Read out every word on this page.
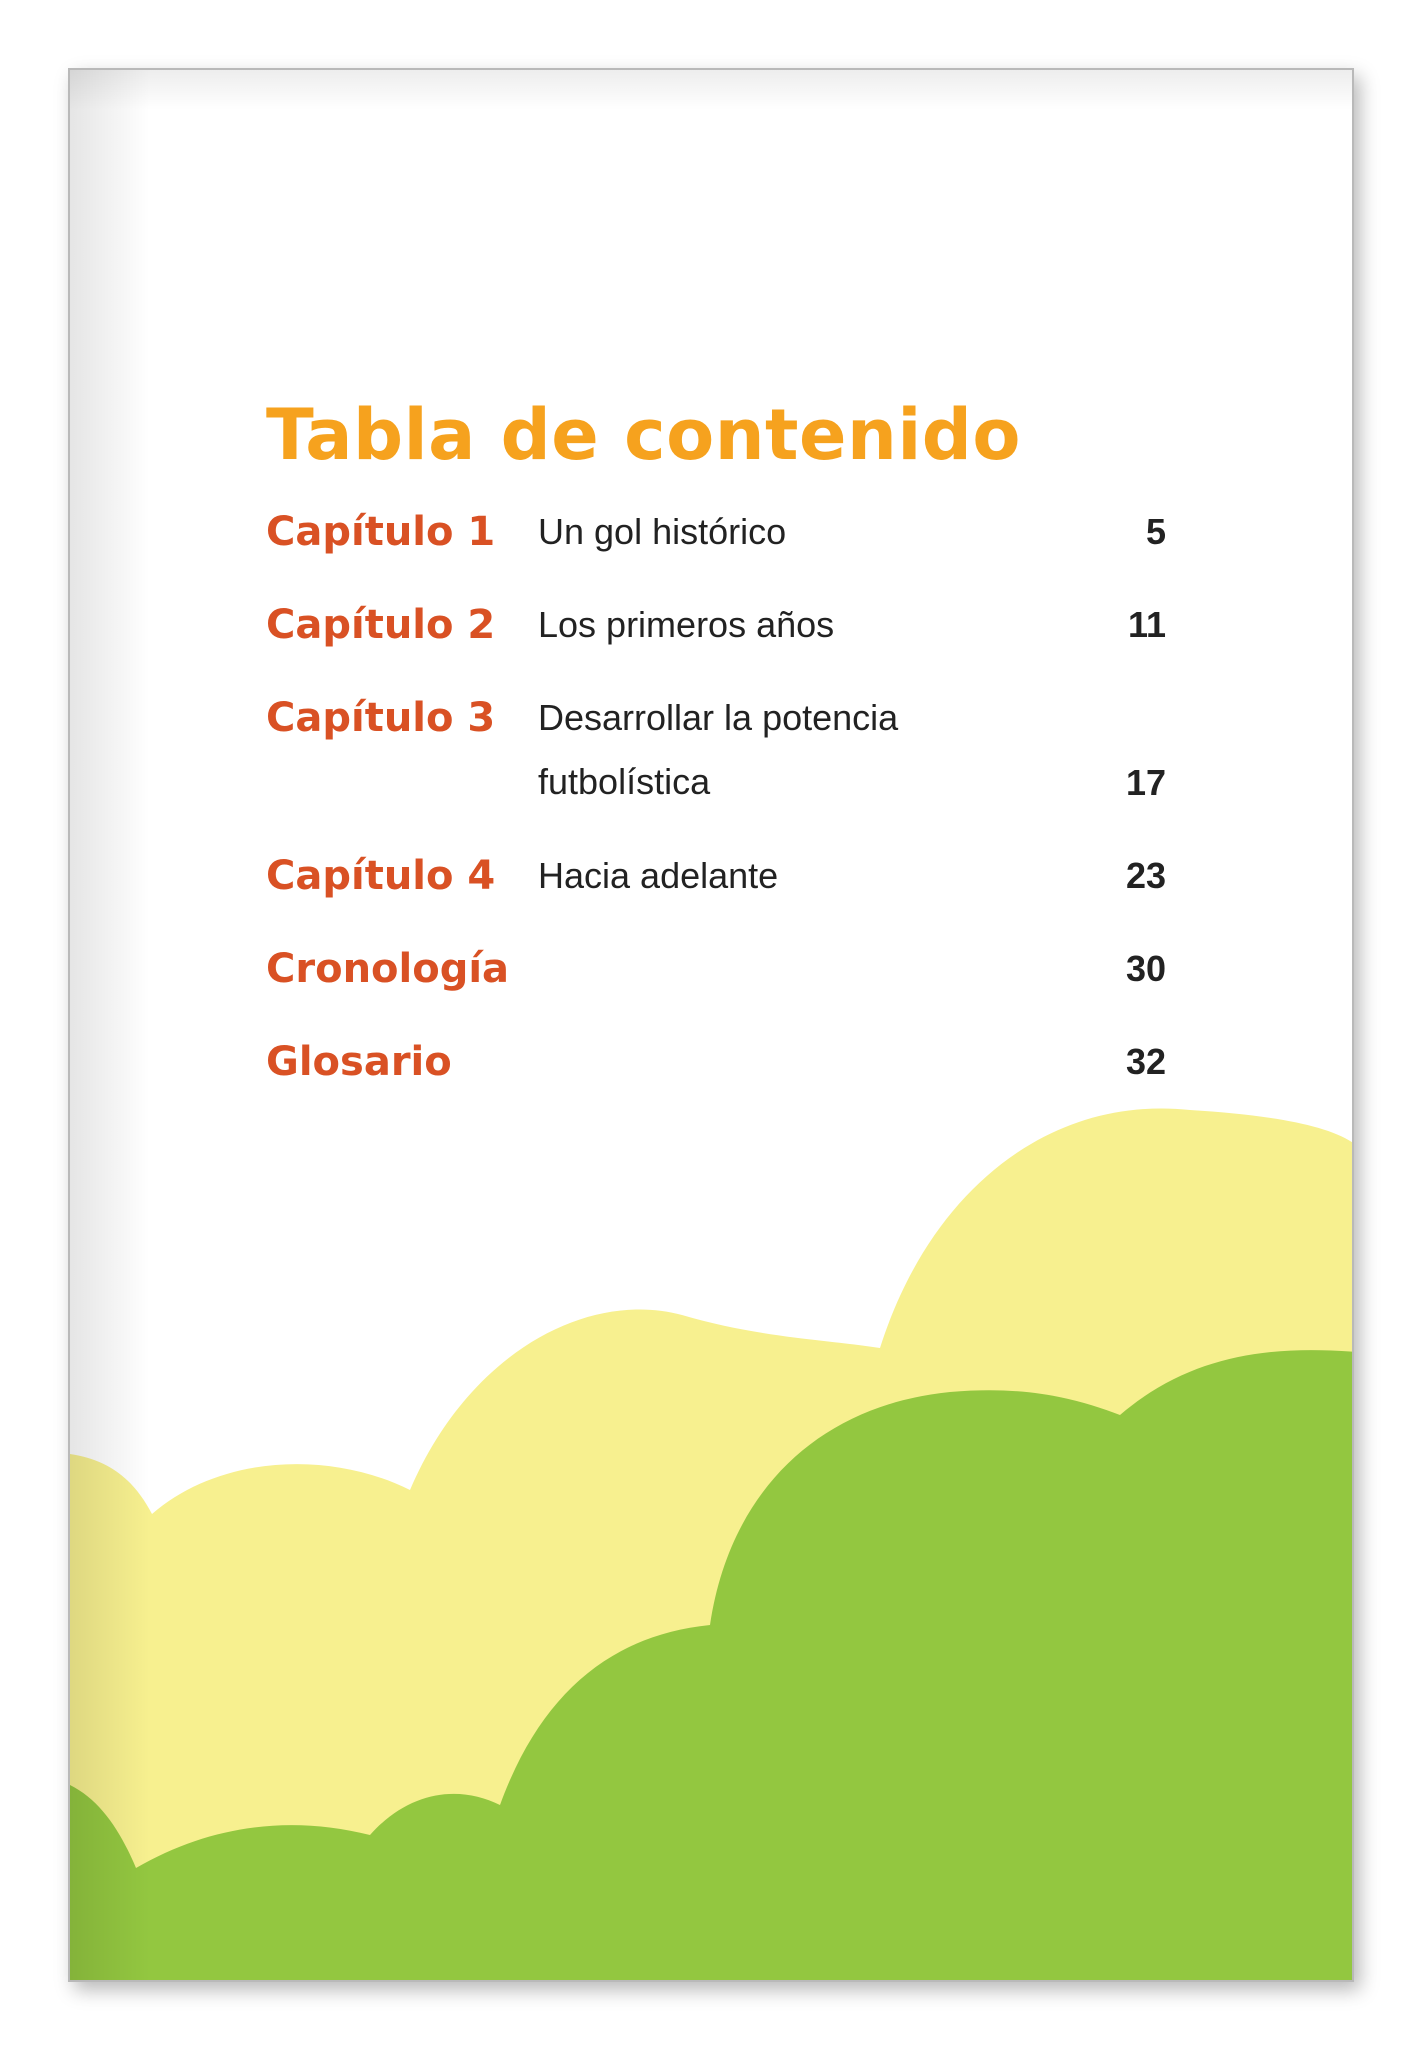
Tabla de contenido
Capítulo 1 Un gol histórico	5
Capítulo 2 Los primeros años	11
Capítulo 3 Desarrollar la potencia futbolística	17
Capítulo 4 Hacia adelante	23
Cronología	30
Glosario	32
